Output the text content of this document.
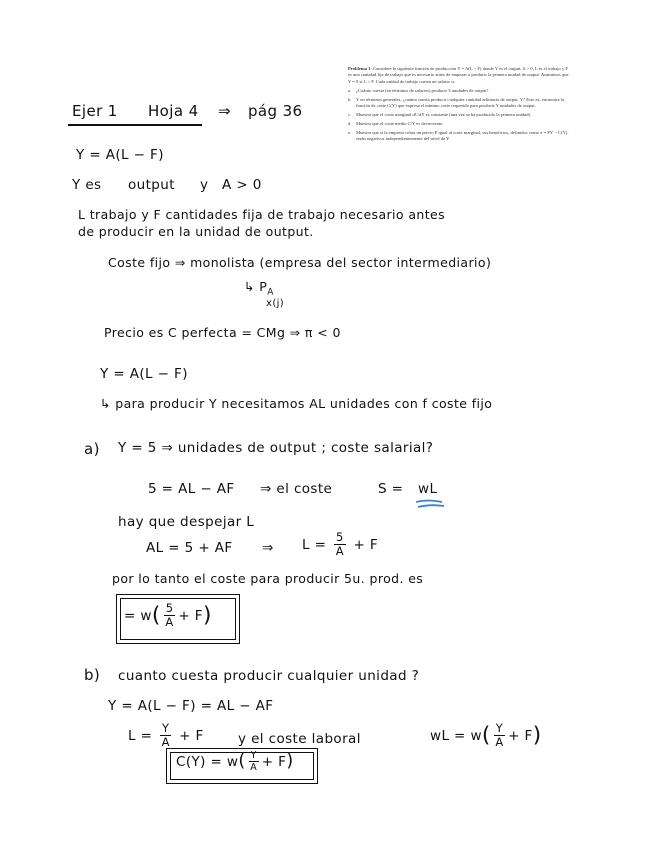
Problema 1: Considere la siguiente función de producción Y = A(L − F) donde Y es el output, A > 0, L es el trabajo y F es una cantidad fija de trabajo que es necesario antes de empezar a producir la primera unidad de output. Asumimos que Y = 0 si L < F. Cada unidad de trabajo cuesta un salario w.
a.	¿Cuánto cuesta (en términos de salarios) producir 5 unidades de output?
b. Y en términos generales, ¿cuánto cuesta producir cualquier cantidad arbitraria de output, Y? Esto es, encuentra la función de coste C(Y) que expresa el mínimo coste requerido para producir Y unidades de output.
c.	Muestra que el coste marginal dC/dY es constante (una vez se ha producido la primera unidad).
d. Muestra que el coste medio C/Y es decreciente.
e.	Muestra que si la empresa cobra un precio P igual al coste marginal, sus beneficios, definidos como π = PY − C(Y), serán negativos independientemente del nivel de Y.
Ejer 1 Hoja 4 ⇒ pág 36
Y = A(L − F)
Y es output y A > 0
L trabajo y F cantidades fija de trabajo necesario antes
de producir en la unidad de output.
Coste fijo ⇒ monolista (empresa del sector intermediario)
↳ $P_A$
x(j)
Precio es C perfecta = CMg ⇒ π < 0
Y = A(L − F)
↳ para producir Y necesitamos AL unidades con f coste fijo
a) Y = 5 ⇒ unidades de output ; coste salarial?
5 = AL − AF ⇒ el coste	S = wL
hay que despejar L
AL = 5 + AF ⇒ $L = \frac{5}{A} + F$
por lo tanto el coste para producir 5u. prod. es
= $w( \frac{5}{A} + F)$
b) cuanto cuesta producir cualquier unidad ?
Y = A(L − F) = AL − AF
$L = \frac{Y}{A} + F$	y el coste laboral	wL = $w( \frac{Y}{A} + F)$
$C(Y) = w( \frac{Y}{A} + F)$
